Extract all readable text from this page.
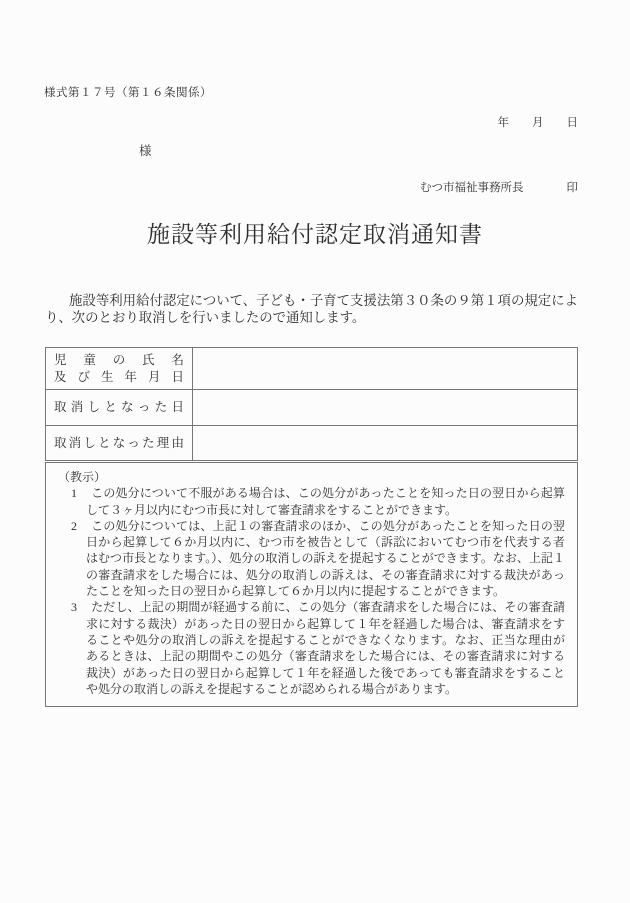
様式第１７号（第１６条関係）
年　　月　　日
様
むつ市福祉事務所長	印
施設等利用給付認定取消通知書

施設等利用給付認定について、子ども・子育て支援法第３０条の９第１項の規定により、次のとおり取消しを行いましたので通知します。

児童の氏名
及び生年月日	

取消しとなった日	

取消しとなった理由	

（教示）

1 この処分について不服がある場合は、この処分があったことを知った日の翌日から起算して３ヶ月以内にむつ市長に対して審査請求をすることができます。

2 この処分については、上記１の審査請求のほか、この処分があったことを知った日の翌日から起算して６か月以内に、むつ市を被告として（訴訟においてむつ市を代表する者はむつ市長となります。）、処分の取消しの訴えを提起することができます。なお、上記１の審査請求をした場合には、処分の取消しの訴えは、その審査請求に対する裁決があったことを知った日の翌日から起算して６か月以内に提起することができます。

3 ただし、上記の期間が経過する前に、この処分（審査請求をした場合には、その審査請求に対する裁決）があった日の翌日から起算して１年を経過した場合は、審査請求をすることや処分の取消しの訴えを提起することができなくなります。なお、正当な理由があるときは、上記の期間やこの処分（審査請求をした場合には、その審査請求に対する裁決）があった日の翌日から起算して１年を経過した後であっても審査請求をすることや処分の取消しの訴えを提起することが認められる場合があります。
